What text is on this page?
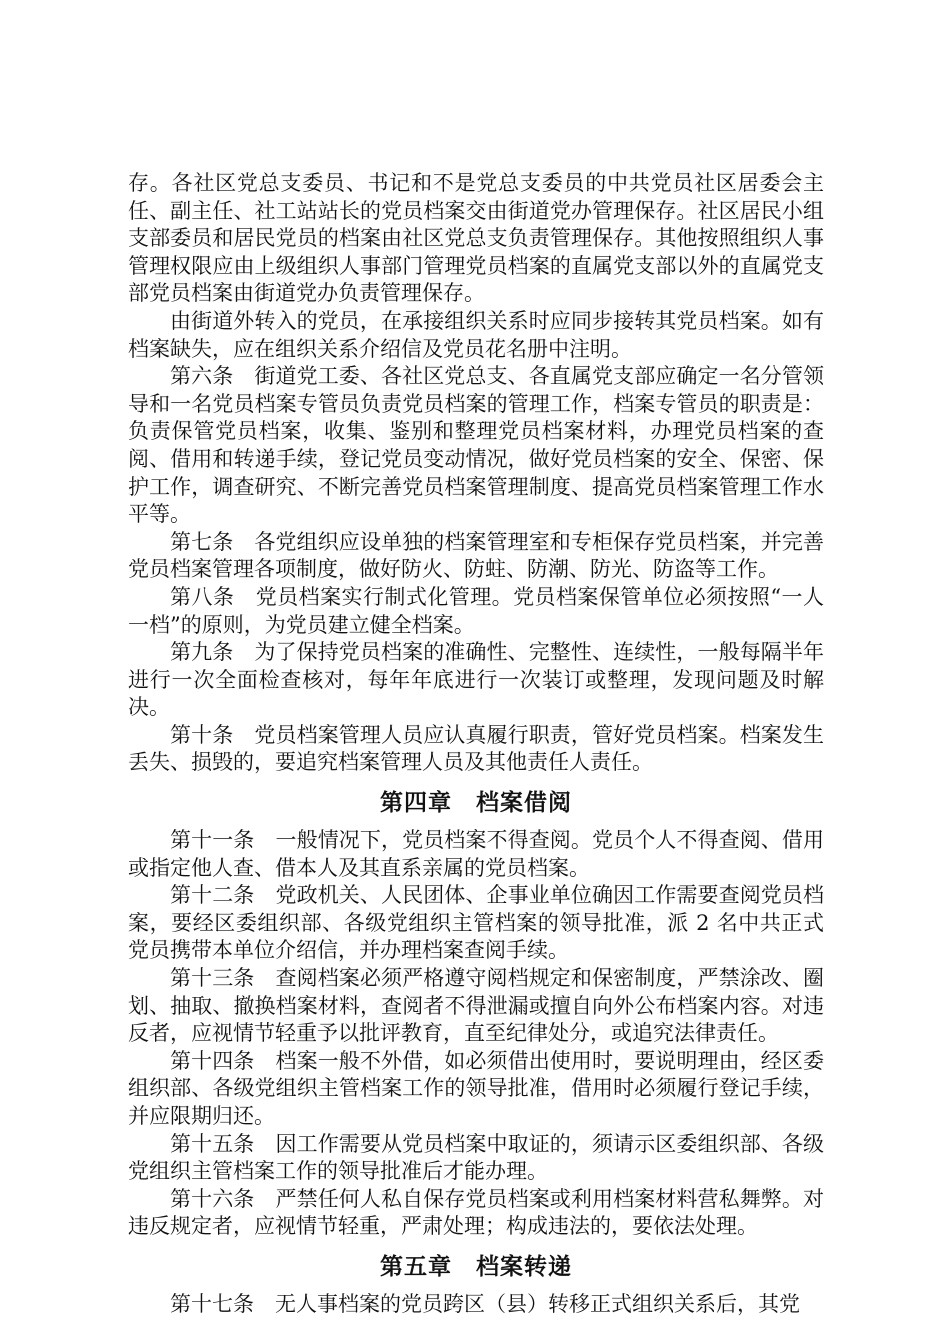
存。各社区党总支委员、书记和不是党总支委员的中共党员社区居委会主任、副主任、社工站站长的党员档案交由街道党办管理保存。社区居民小组支部委员和居民党员的档案由社区党总支负责管理保存。其他按照组织人事管理权限应由上级组织人事部门管理党员档案的直属党支部以外的直属党支部党员档案由街道党办负责管理保存。

由街道外转入的党员，在承接组织关系时应同步接转其党员档案。如有档案缺失，应在组织关系介绍信及党员花名册中注明。

第六条　街道党工委、各社区党总支、各直属党支部应确定一名分管领导和一名党员档案专管员负责党员档案的管理工作，档案专管员的职责是：负责保管党员档案，收集、鉴别和整理党员档案材料，办理党员档案的查阅、借用和转递手续，登记党员变动情况，做好党员档案的安全、保密、保护工作，调查研究、不断完善党员档案管理制度、提高党员档案管理工作水平等。

第七条　各党组织应设单独的档案管理室和专柜保存党员档案，并完善党员档案管理各项制度，做好防火、防蛀、防潮、防光、防盗等工作。

第八条　党员档案实行制式化管理。党员档案保管单位必须按照“一人一档”的原则，为党员建立健全档案。

第九条　为了保持党员档案的准确性、完整性、连续性，一般每隔半年进行一次全面检查核对，每年年底进行一次装订或整理，发现问题及时解决。

第十条　党员档案管理人员应认真履行职责，管好党员档案。档案发生丢失、损毁的，要追究档案管理人员及其他责任人责任。

第四章　档案借阅

第十一条　一般情况下，党员档案不得查阅。党员个人不得查阅、借用或指定他人查、借本人及其直系亲属的党员档案。

第十二条　党政机关、人民团体、企事业单位确因工作需要查阅党员档案，要经区委组织部、各级党组织主管档案的领导批准，派 2 名中共正式党员携带本单位介绍信，并办理档案查阅手续。

第十三条　查阅档案必须严格遵守阅档规定和保密制度，严禁涂改、圈划、抽取、撤换档案材料，查阅者不得泄漏或擅自向外公布档案内容。对违反者，应视情节轻重予以批评教育，直至纪律处分，或追究法律责任。

第十四条　档案一般不外借，如必须借出使用时，要说明理由，经区委组织部、各级党组织主管档案工作的领导批准，借用时必须履行登记手续，并应限期归还。

第十五条　因工作需要从党员档案中取证的，须请示区委组织部、各级党组织主管档案工作的领导批准后才能办理。

第十六条　严禁任何人私自保存党员档案或利用档案材料营私舞弊。对违反规定者，应视情节轻重，严肃处理；构成违法的，要依法处理。

第五章　档案转递

第十七条　无人事档案的党员跨区（县）转移正式组织关系后，其党
